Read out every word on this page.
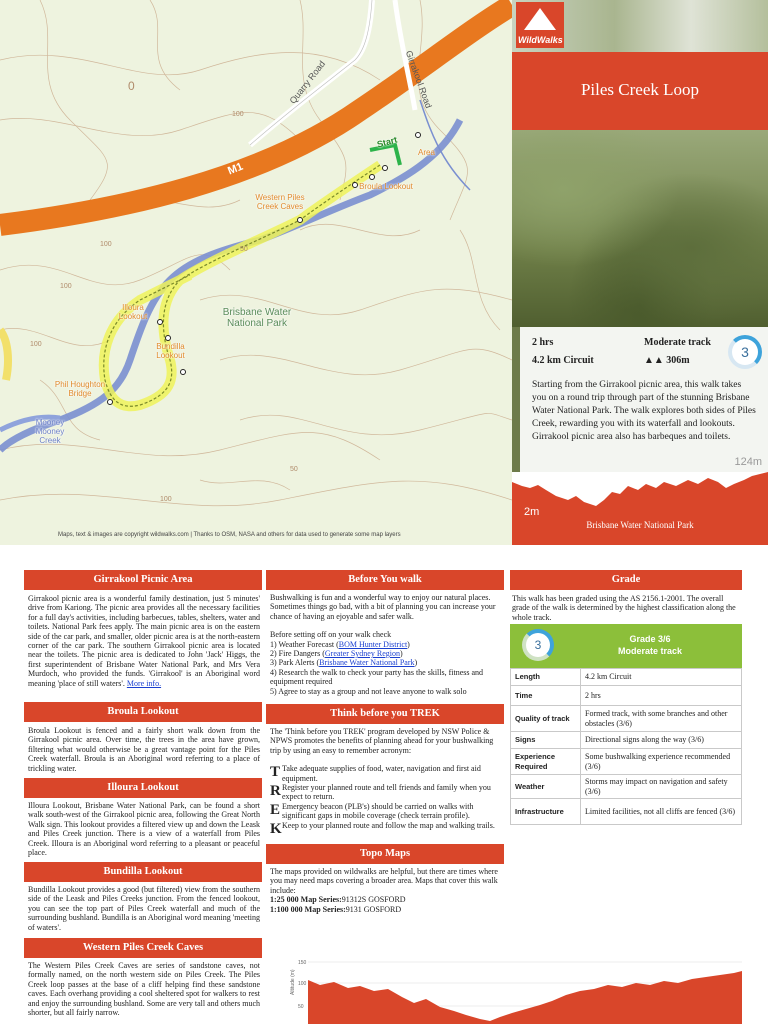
Quarry Road	Girrakool Road
M1
Start
Area
Broula Lookout
Western Piles Creek Caves
Illoura Lookout
Bundilla Lookout
Phil Houghton Bridge
Mooney Mooney Creek
Brisbane Water National Park
0
100
100
100
50
100
50
100
Maps, text & images are copyright wildwalks.com | Thanks to OSM, NASA and others for data used to generate some map layers
WildWalks
Piles Creek Loop
2 hrs	Moderate track
4.2 km Circuit	▲▲ 306m
3

Starting from the Girrakool picnic area, this walk takes you on a round trip through part of the stunning Brisbane Water National Park. The walk explores both sides of Piles Creek, rewarding you with its waterfall and lookouts. Girrakool picnic area also has barbeques and toilets.

124m
2m
Brisbane Water National Park
Girrakool Picnic Area
Girrakool picnic area is a wonderful family destination, just 5 minutes' drive from Kariong. The picnic area provides all the necessary facilities for a full day's activities, including barbecues, tables, shelters, water and toilets. National Park fees apply. The main picnic area is on the eastern side of the car park, and smaller, older picnic area is at the north-eastern corner of the car park. The southern Girrakool picnic area is located near the toilets. The picnic area is dedicated to John 'Jack' Higgs, the first superintendent of Brisbane Water National Park, and Mrs Vera Murdoch, who provided the funds. 'Girrakool' is an Aboriginal word meaning 'place of still waters'. More info.
Broula Lookout
Broula Lookout is fenced and a fairly short walk down from the Girrakool picnic area. Over time, the trees in the area have grown, filtering what would otherwise be a great vantage point for the Piles Creek waterfall. Broula is an Aboriginal word referring to a place of trickling water.
Illoura Lookout
Illoura Lookout, Brisbane Water National Park, can be found a short walk south-west of the Girrakool picnic area, following the Great North Walk sign. This lookout provides a filtered view up and down the Leask and Piles Creek junction. There is a view of a waterfall from Piles Creek. Illoura is an Aboriginal word referring to a pleasant or peaceful place.
Bundilla Lookout
Bundilla Lookout provides a good (but filtered) view from the southern side of the Leask and Piles Creeks junction. From the fenced lookout, you can see the top part of Piles Creek waterfall and much of the surrounding bushland. Bundilla is an Aboriginal word meaning 'meeting of waters'.
Western Piles Creek Caves
The Western Piles Creek Caves are series of sandstone caves, not formally named, on the north western side on Piles Creek. The Piles Creek loop passes at the base of a cliff helping find these sandstone caves. Each overhang providing a cool sheltered spot for walkers to rest and enjoy the surrounding bushland. Some are very tall and others much shorter, but all fairly narrow.
Before You walk

Bushwalking is fun and a wonderful way to enjoy our natural places. Sometimes things go bad, with a bit of planning you can increase your chance of having an ejoyable and safer walk.

Before setting off on your walk check

1) Weather Forecast (BOM Hunter District)

2) Fire Dangers (Greater Sydney Region)

3) Park Alerts (Brisbane Water National Park)

4) Research the walk to check your party has the skills, fitness and equipment required

5) Agree to stay as a group and not leave anyone to walk solo

Think before you TREK

The 'Think before you TREK' program developed by NSW Police & NPWS promotes the benefits of planning ahead for your bushwalking trip by using an easy to remember acronym:

T Take adequate supplies of food, water, navigation and first aid equipment.
R Register your planned route and tell friends and family when you expect to return.
E Emergency beacon (PLB's) should be carried on walks with significant gaps in mobile coverage (check terrain profile).
K Keep to your planned route and follow the map and walking trails.
Topo Maps

The maps provided on wildwalks are helpful, but there are times where you may need maps covering a broader area. Maps that cover this walk include:

1:25 000 Map Series:91312S GOSFORD

1:100 000 Map Series:9131 GOSFORD

Grade
This walk has been graded using the AS 2156.1-2001. The overall grade of the walk is determined by the highest classification along the whole track.
3	Grade 3/6
Moderate track
Length	4.2 km Circuit
Time	2 hrs
Quality of track	Formed track, with some branches and other obstacles (3/6)
Signs	Directional signs along the way (3/6)
Experience Required	Some bushwalking experience recommended (3/6)
Weather	Storms may impact on navigation and safety (3/6)
Infrastructure	Limited facilities, not all cliffs are fenced (3/6)
Altitude (m)
150
100
50
